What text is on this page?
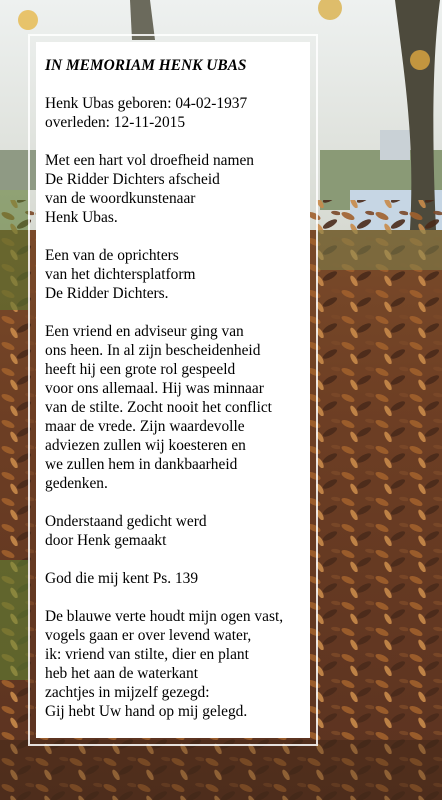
IN MEMORIAM HENK UBAS
Henk Ubas geboren: 04-02-1937
overleden: 12-11-2015
Met een hart vol droefheid namen
De Ridder Dichters afscheid
van de woordkunstenaar
Henk Ubas.
Een van de oprichters
van het dichtersplatform
De Ridder Dichters.
Een vriend en adviseur ging van
ons heen. In al zijn bescheidenheid
heeft hij een grote rol gespeeld
voor ons allemaal. Hij was minnaar
van de stilte. Zocht nooit het conflict
maar de vrede. Zijn waardevolle
adviezen zullen wij koesteren en
we zullen hem in dankbaarheid
gedenken.
Onderstaand gedicht werd
door Henk gemaakt
God die mij kent Ps. 139
De blauwe verte houdt mijn ogen vast,
vogels gaan er over levend water,
ik: vriend van stilte, dier en plant
heb het aan de waterkant
zachtjes in mijzelf gezegd:
Gij hebt Uw hand op mij gelegd.
